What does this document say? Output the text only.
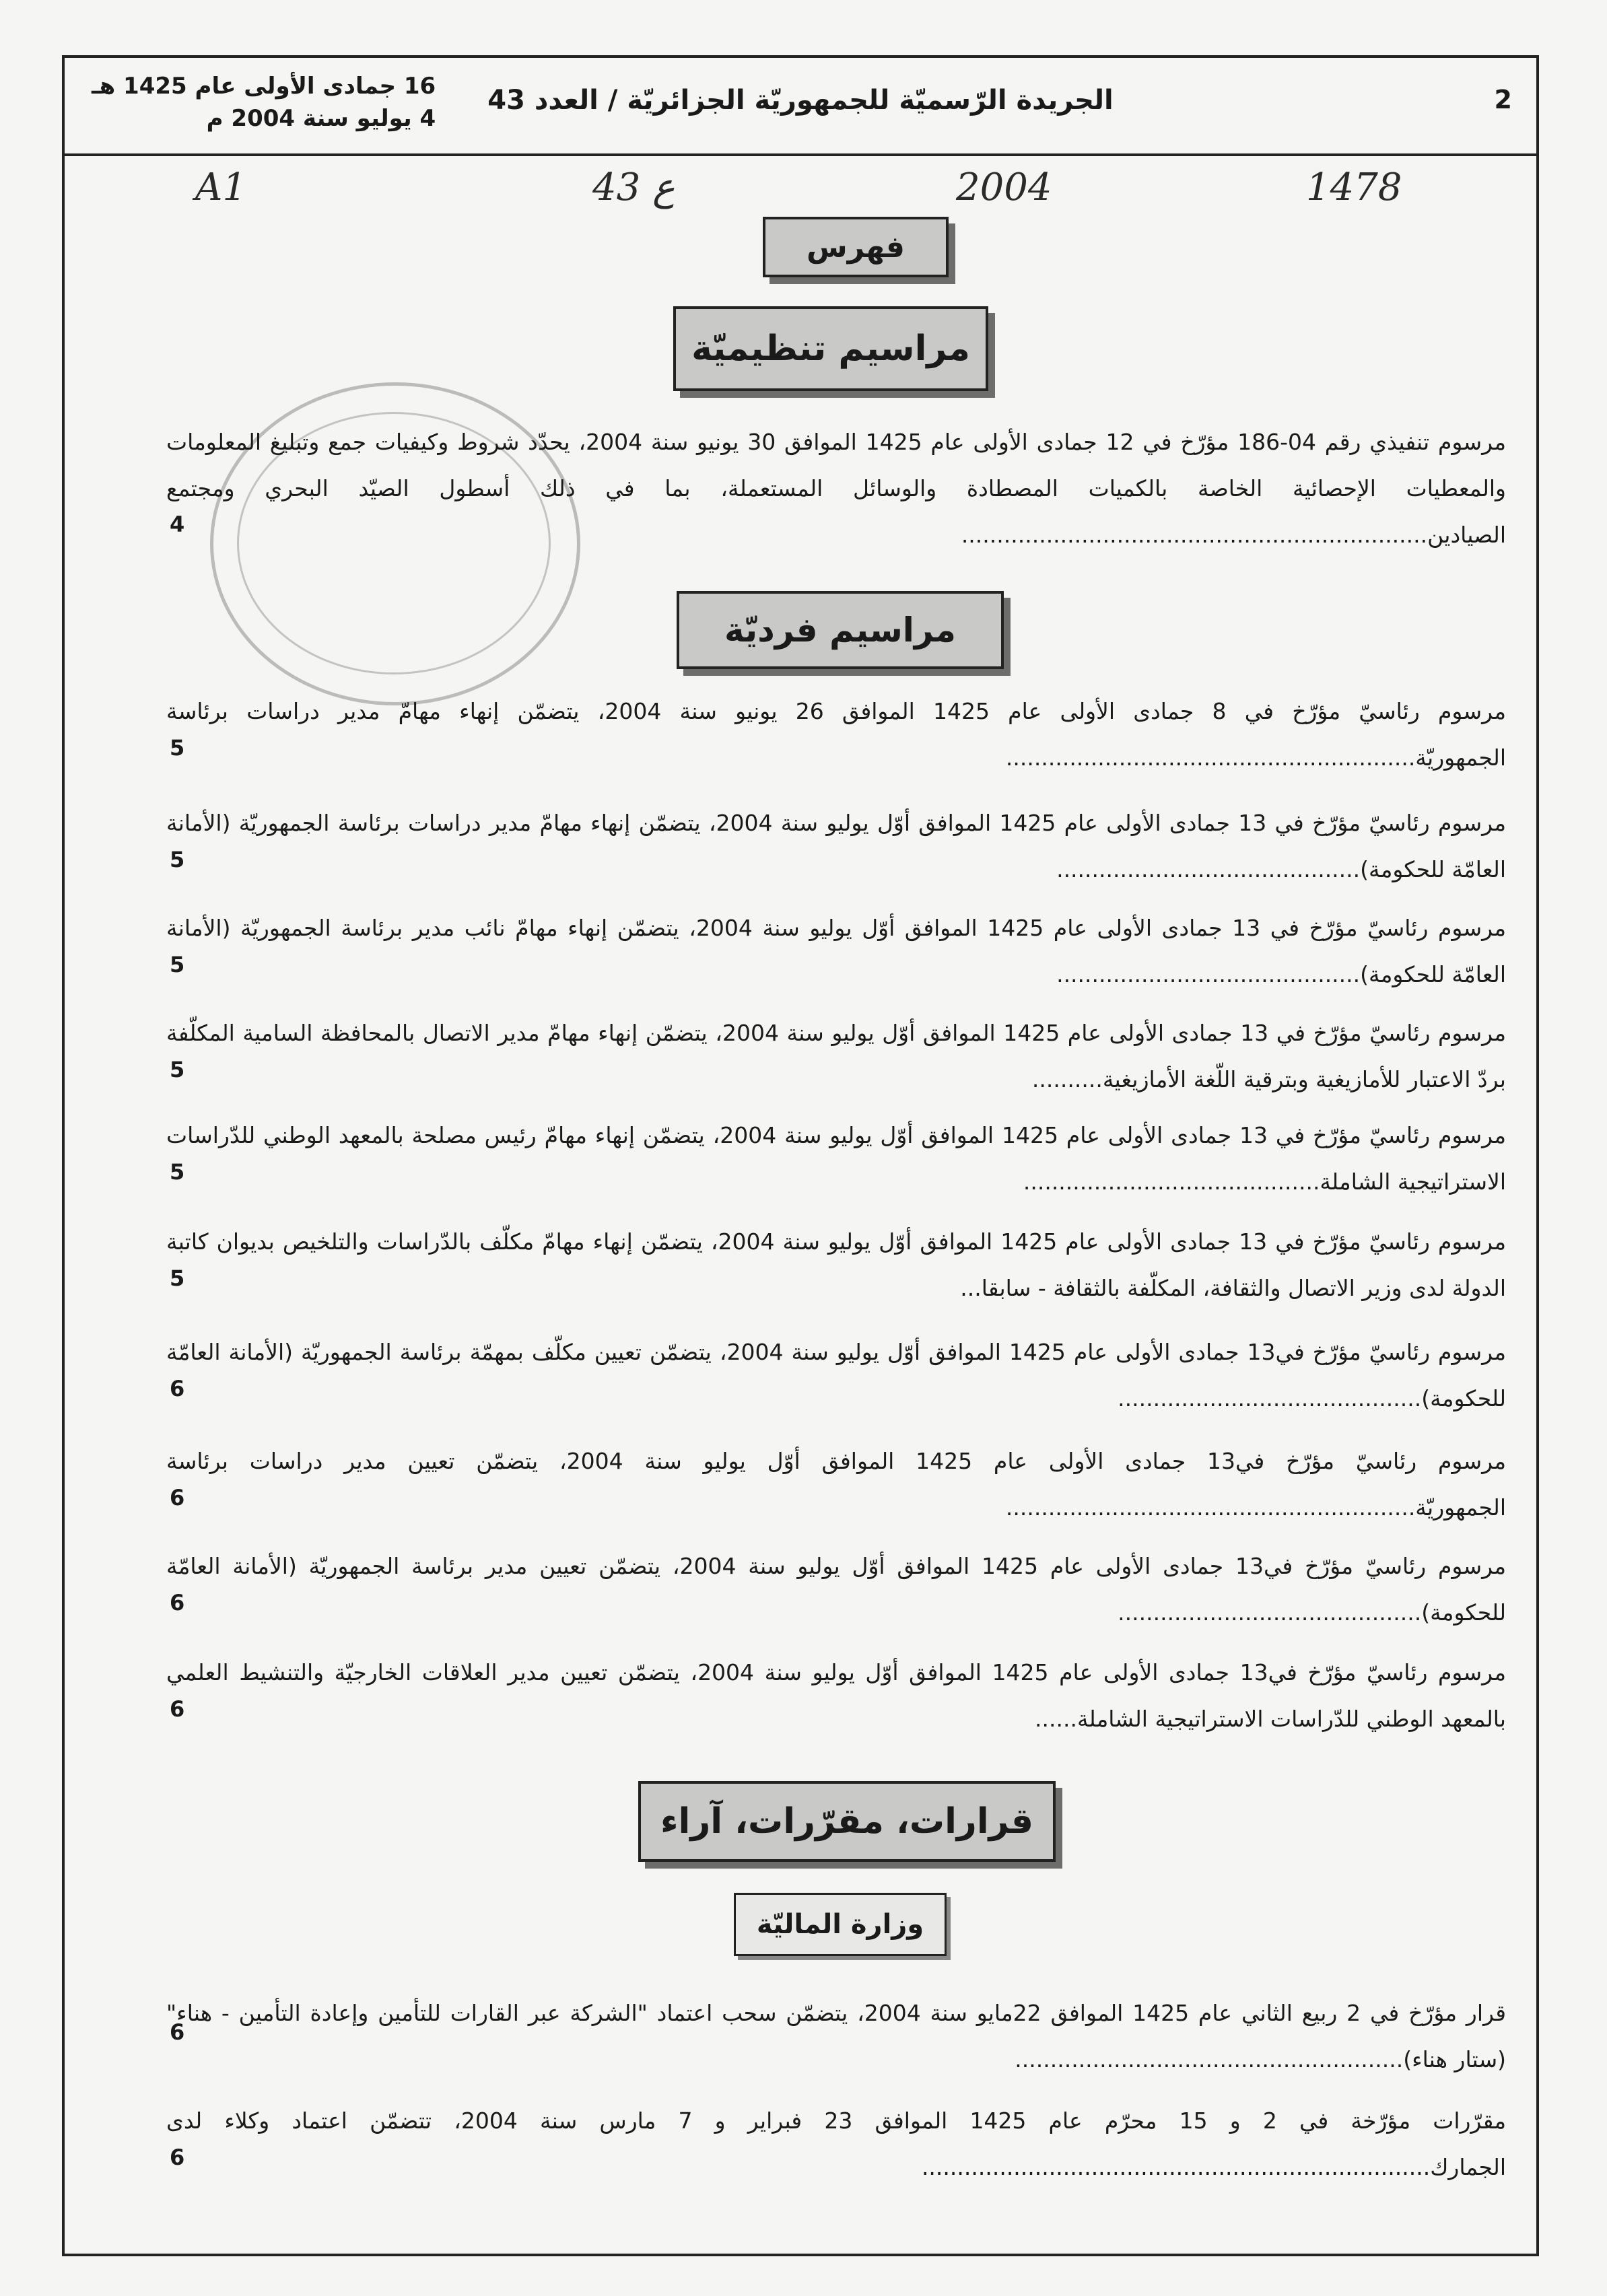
2
الجريدة الرّسميّة للجمهوريّة الجزائريّة / العدد 43
16 جمادى الأولى عام 1425 هـ
4 يوليو سنة 2004 م
A1	43 ع	2004	1478
فهرس
مراسيم تنظيميّة
مرسوم تنفيذي رقم 04-186 مؤرّخ في 12 جمادى الأولى عام 1425 الموافق 30 يونيو سنة 2004، يحدّد شروط وكيفيات جمع وتبليغ المعلومات والمعطيات الإحصائية الخاصة بالكميات المصطادة والوسائل المستعملة، بما في ذلك أسطول الصيّد البحري ومجتمع الصيادين..................................................................
4
مراسيم فرديّة
مرسوم رئاسيّ مؤرّخ في 8 جمادى الأولى عام 1425 الموافق 26 يونيو سنة 2004، يتضمّن إنهاء مهامّ مدير دراسات برئاسة الجمهوريّة..........................................................
5
مرسوم رئاسيّ مؤرّخ في 13 جمادى الأولى عام 1425 الموافق أوّل يوليو سنة 2004، يتضمّن إنهاء مهامّ مدير دراسات برئاسة الجمهوريّة (الأمانة العامّة للحكومة)...........................................
5
مرسوم رئاسيّ مؤرّخ في 13 جمادى الأولى عام 1425 الموافق أوّل يوليو سنة 2004، يتضمّن إنهاء مهامّ نائب مدير برئاسة الجمهوريّة (الأمانة العامّة للحكومة)...........................................
5
مرسوم رئاسيّ مؤرّخ في 13 جمادى الأولى عام 1425 الموافق أوّل يوليو سنة 2004، يتضمّن إنهاء مهامّ مدير الاتصال بالمحافظة السامية المكلّفة بردّ الاعتبار للأمازيغية وبترقية اللّغة الأمازيغية..........
5
مرسوم رئاسيّ مؤرّخ في 13 جمادى الأولى عام 1425 الموافق أوّل يوليو سنة 2004، يتضمّن إنهاء مهامّ رئيس مصلحة بالمعهد الوطني للدّراسات الاستراتيجية الشاملة..........................................
5
مرسوم رئاسيّ مؤرّخ في 13 جمادى الأولى عام 1425 الموافق أوّل يوليو سنة 2004، يتضمّن إنهاء مهامّ مكلّف بالدّراسات والتلخيص بديوان كاتبة الدولة لدى وزير الاتصال والثقافة، المكلّفة بالثقافة - سابقا...
5
مرسوم رئاسيّ مؤرّخ في13 جمادى الأولى عام 1425 الموافق أوّل يوليو سنة 2004، يتضمّن تعيين مكلّف بمهمّة برئاسة الجمهوريّة (الأمانة العامّة للحكومة)...........................................
6
مرسوم رئاسيّ مؤرّخ في13 جمادى الأولى عام 1425 الموافق أوّل يوليو سنة 2004، يتضمّن تعيين مدير دراسات برئاسة الجمهوريّة..........................................................
6
مرسوم رئاسيّ مؤرّخ في13 جمادى الأولى عام 1425 الموافق أوّل يوليو سنة 2004، يتضمّن تعيين مدير برئاسة الجمهوريّة (الأمانة العامّة للحكومة)...........................................
6
مرسوم رئاسيّ مؤرّخ في13 جمادى الأولى عام 1425 الموافق أوّل يوليو سنة 2004، يتضمّن تعيين مدير العلاقات الخارجيّة والتنشيط العلمي بالمعهد الوطني للدّراسات الاستراتيجية الشاملة......
6
قرارات، مقرّرات، آراء
وزارة الماليّة
قرار مؤرّخ في 2 ربيع الثاني عام 1425 الموافق 22مايو سنة 2004، يتضمّن سحب اعتماد "الشركة عبر القارات للتأمين وإعادة التأمين - هناء" (ستار هناء).......................................................
6
مقرّرات مؤرّخة في 2 و 15 محرّم عام 1425 الموافق 23 فبراير و 7 مارس سنة 2004، تتضمّن اعتماد وكلاء لدى الجمارك........................................................................
6
